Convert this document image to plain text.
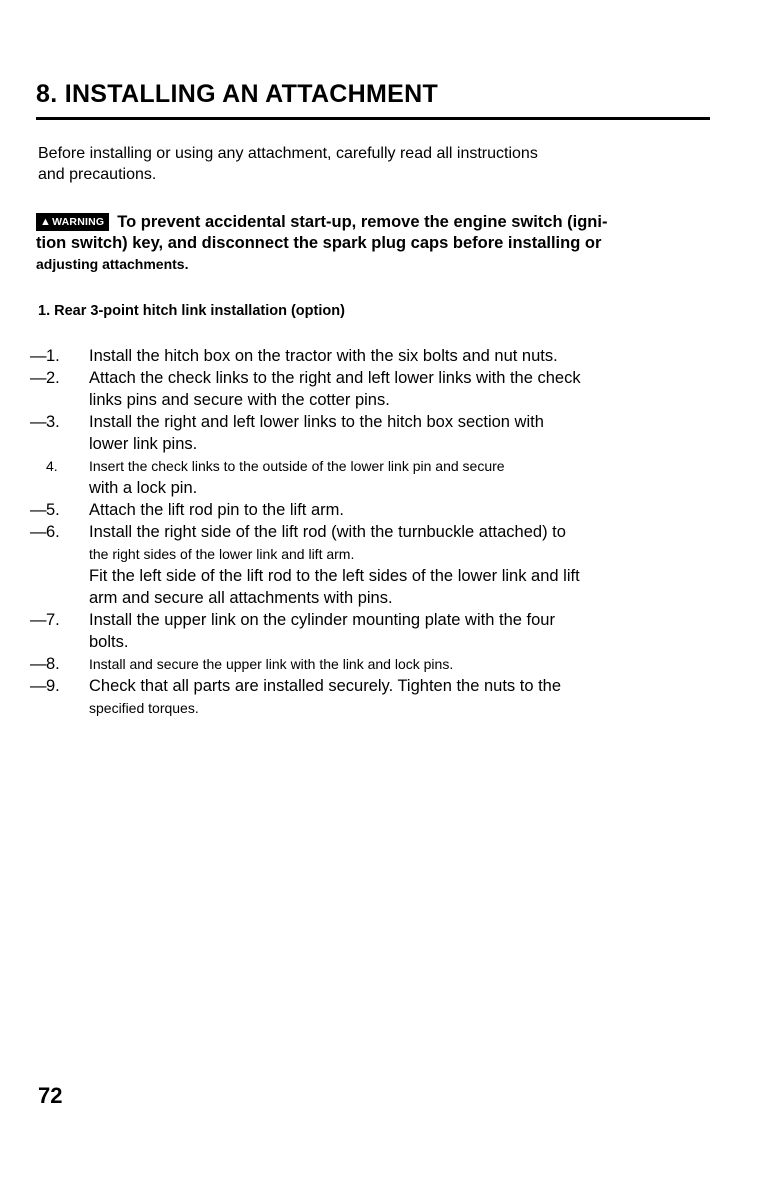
8. INSTALLING AN ATTACHMENT

Before installing or using any attachment, carefully read all instructions
and precautions.

▲WARNING To prevent accidental start-up, remove the engine switch (igni-
tion switch) key, and disconnect the spark plug caps before installing or
adjusting attachments.

1. Rear 3-point hitch link installation (option)

—1. Install the hitch box on the tractor with the six bolts and nut nuts.
—2. Attach the check links to the right and left lower links with the check
links pins and secure with the cotter pins.
—3. Install the right and left lower links to the hitch box section with
lower link pins.
4. Insert the check links to the outside of the lower link pin and secure
with a lock pin.
—5. Attach the lift rod pin to the lift arm.
—6. Install the right side of the lift rod (with the turnbuckle attached) to
the right sides of the lower link and lift arm.
Fit the left side of the lift rod to the left sides of the lower link and lift
arm and secure all attachments with pins.
—7. Install the upper link on the cylinder mounting plate with the four
bolts.
—8. Install and secure the upper link with the link and lock pins.
—9. Check that all parts are installed securely. Tighten the nuts to the
specified torques.

72
